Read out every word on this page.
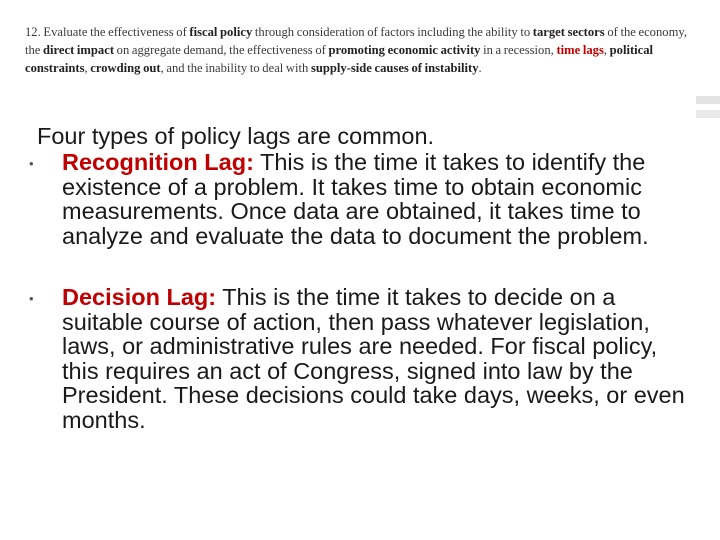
12. Evaluate the effectiveness of fiscal policy through consideration of factors including the ability to target sectors of the economy, the direct impact on aggregate demand, the effectiveness of promoting economic activity in a recession, time lags, political constraints, crowding out, and the inability to deal with supply-side causes of instability.

Four types of policy lags are common.

• Recognition Lag: This is the time it takes to identify the existence of a problem. It takes time to obtain economic measurements. Once data are obtained, it takes time to analyze and evaluate the data to document the problem.

• Decision Lag: This is the time it takes to decide on a suitable course of action, then pass whatever legislation, laws, or administrative rules are needed. For fiscal policy, this requires an act of Congress, signed into law by the President. These decisions could take days, weeks, or even months.
